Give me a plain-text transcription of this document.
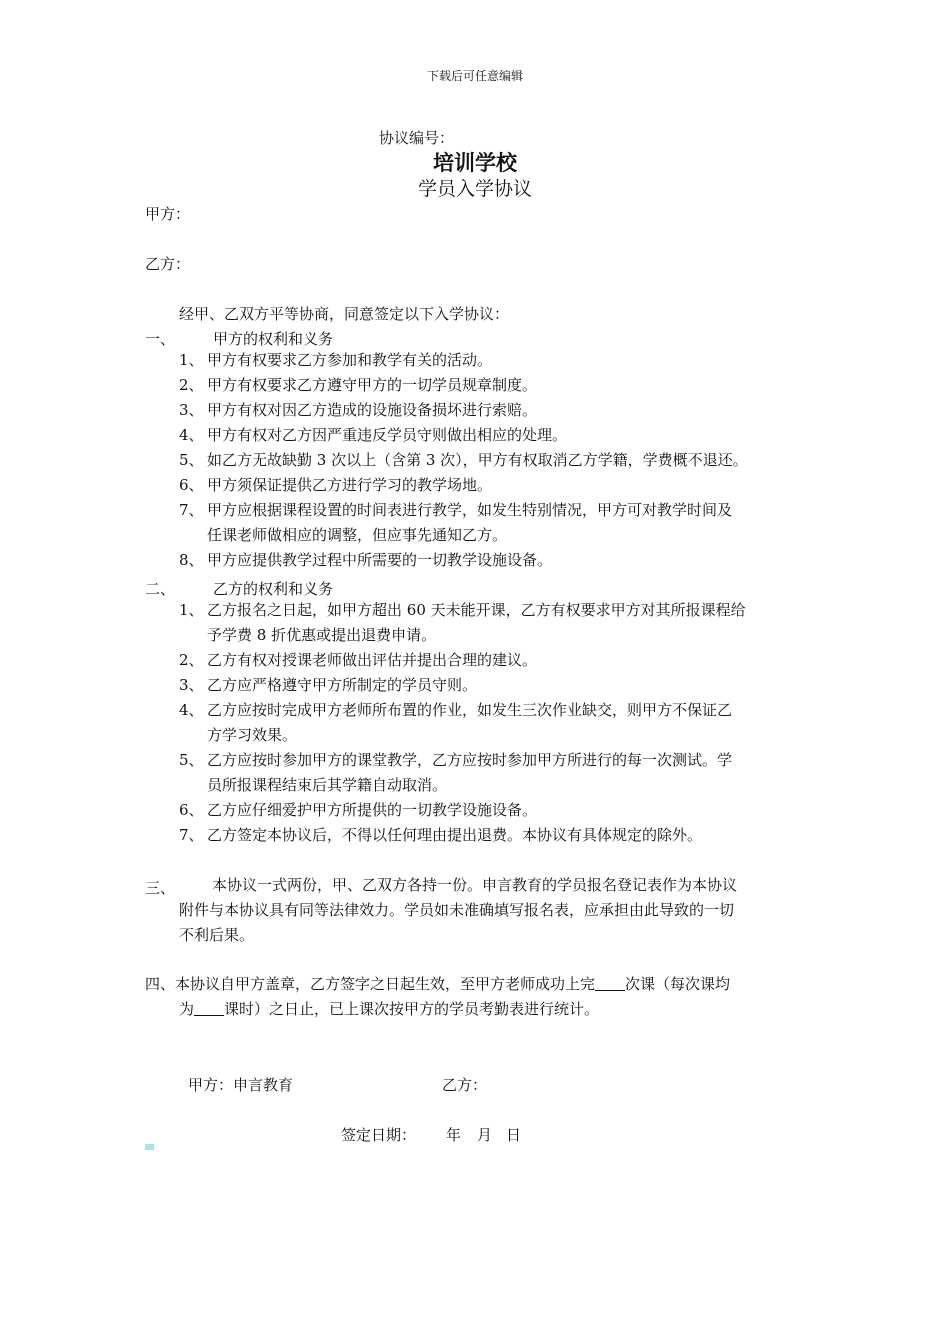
下载后可任意编辑
协议编号：
培训学校
学员入学协议
甲方：
乙方：
经甲、乙双方平等协商，同意签定以下入学协议：
一、	甲方的权利和义务
1、 甲方有权要求乙方参加和教学有关的活动。
2、 甲方有权要求乙方遵守甲方的一切学员规章制度。
3、 甲方有权对因乙方造成的设施设备损坏进行索赔。
4、 甲方有权对乙方因严重违反学员守则做出相应的处理。
5、 如乙方无故缺勤 3 次以上（含第 3 次），甲方有权取消乙方学籍，学费概不退还。
6、 甲方须保证提供乙方进行学习的教学场地。
7、 甲方应根据课程设置的时间表进行教学，如发生特别情况，甲方可对教学时间及
任课老师做相应的调整，但应事先通知乙方。
8、 甲方应提供教学过程中所需要的一切教学设施设备。
二、	乙方的权利和义务
1、 乙方报名之日起，如甲方超出 60 天未能开课，乙方有权要求甲方对其所报课程给
予学费 8 折优惠或提出退费申请。
2、 乙方有权对授课老师做出评估并提出合理的建议。
3、 乙方应严格遵守甲方所制定的学员守则。
4、 乙方应按时完成甲方老师所布置的作业，如发生三次作业缺交，则甲方不保证乙
方学习效果。
5、 乙方应按时参加甲方的课堂教学，乙方应按时参加甲方所进行的每一次测试。学
员所报课程结束后其学籍自动取消。
6、 乙方应仔细爱护甲方所提供的一切教学设施设备。
7、 乙方签定本协议后，不得以任何理由提出退费。本协议有具体规定的除外。
三、 本协议一式两份，甲、乙双方各持一份。申言教育的学员报名登记表作为本协议
附件与本协议具有同等法律效力。学员如未准确填写报名表，应承担由此导致的一切
不利后果。
四、本协议自甲方盖章，乙方签字之日起生效，至甲方老师成功上完 次课（每次课均
为 课时）之日止，已上课次按甲方的学员考勤表进行统计。
甲方：申言教育	乙方：
签定日期： 年 月 日
